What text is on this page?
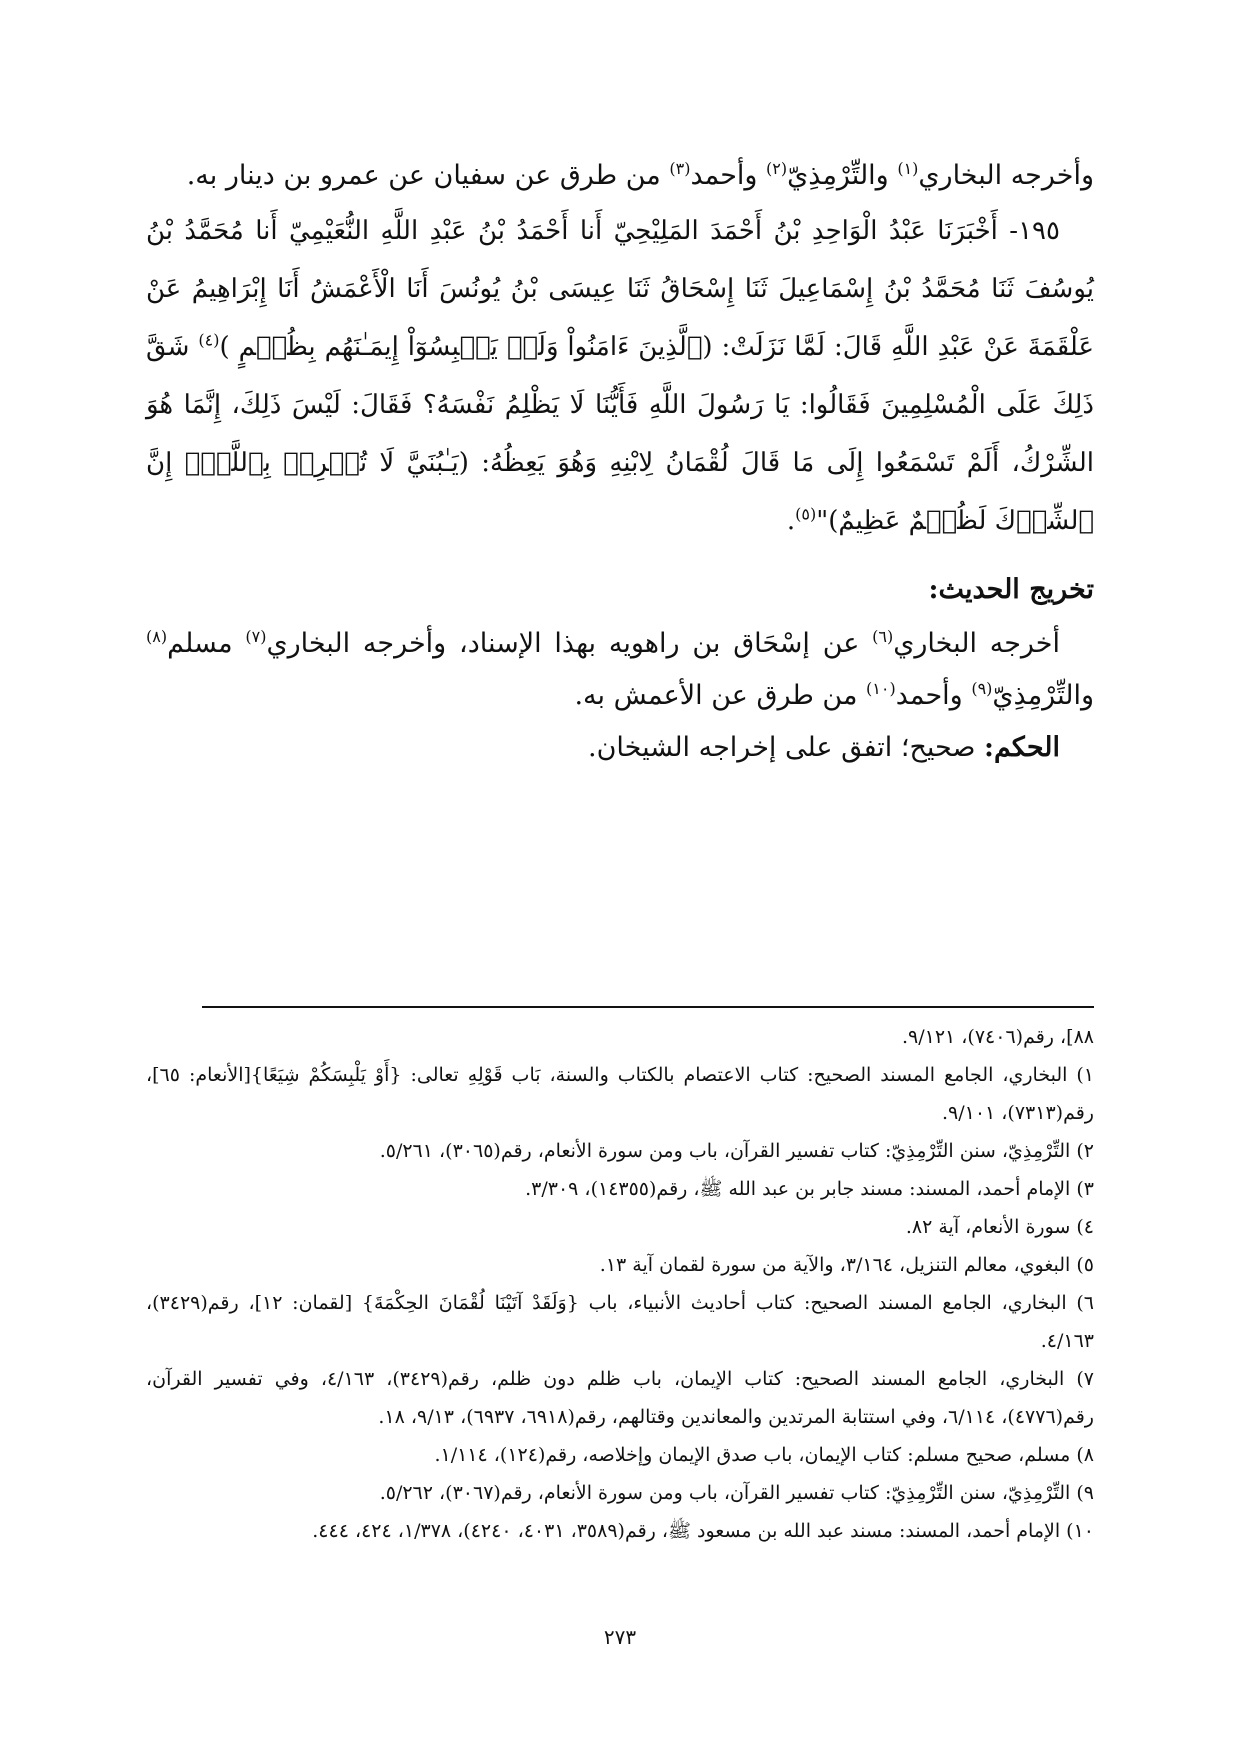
وأخرجه البخاري$^{(١)}$ والتِّرْمِذِيّ$^{(٢)}$ وأحمد$^{(٣)}$ من طرق عن سفيان عن عمرو بن دينار به.

١٩٥- أَخْبَرَنَا عَبْدُ الْوَاحِدِ بْنُ أَحْمَدَ المَلِيْحِيّ أَنا أَحْمَدُ بْنُ عَبْدِ اللَّهِ النُّعَيْمِيّ أَنا مُحَمَّدُ بْنُ يُوسُفَ ثَنَا مُحَمَّدُ بْنُ إِسْمَاعِيلَ ثَنَا إِسْحَاقُ ثَنَا عِيسَى بْنُ يُونُسَ أَنَا الْأَعْمَشُ أَنَا إِبْرَاهِيمُ عَنْ عَلْقَمَةَ عَنْ عَبْدِ اللَّهِ قَالَ: لَمَّا نَزَلَتْ: (ٱلَّذِينَ ءَامَنُواْ وَلَمۡ يَلۡبِسُوٓاْ إِيمَـٰنَهُم بِظُلۡمٍ )$^{(٤)}$ شَقَّ ذَلِكَ عَلَى الْمُسْلِمِينَ فَقَالُوا: يَا رَسُولَ اللَّهِ فَأَيُّنَا لَا يَظْلِمُ نَفْسَهُ؟ فَقَالَ: لَيْسَ ذَلِكَ، إِنَّمَا هُوَ الشِّرْكُ، أَلَمْ تَسْمَعُوا إِلَى مَا قَالَ لُقْمَانُ لِابْنِهِ وَهُوَ يَعِظُهُ: (يَـٰبُنَيَّ لَا تُشۡرِكۡ بِٱللَّهِۖ إِنَّ ٱلشِّرۡكَ لَظُلۡمٌ عَظِيمٌ)"$^{(٥)}$.

تخريج الحديث:

أخرجه البخاري$^{(٦)}$ عن إسْحَاق بن راهويه بهذا الإسناد، وأخرجه البخاري$^{(٧)}$ مسلم$^{(٨)}$ والتِّرْمِذِيّ$^{(٩)}$ وأحمد$^{(١٠)}$ من طرق عن الأعمش به.

الحكم: صحيح؛ اتفق على إخراجه الشيخان.

٨٨]، رقم(٧٤٠٦)، ٩/١٢١.

١) البخاري، الجامع المسند الصحيح: كتاب الاعتصام بالكتاب والسنة، بَاب قَوْلِهِ تعالى: {أَوْ يَلْبِسَكُمْ شِيَعًا}[الأنعام: ٦٥]، رقم(٧٣١٣)، ٩/١٠١.

٢) التِّرْمِذِيّ، سنن التِّرْمِذِيّ: كتاب تفسير القرآن، باب ومن سورة الأنعام، رقم(٣٠٦٥)، ٥/٢٦١.

٣) الإمام أحمد، المسند: مسند جابر بن عبد الله ﷺ، رقم(١٤٣٥٥)، ٣/٣٠٩.

٤) سورة الأنعام، آية ٨٢.

٥) البغوي، معالم التنزيل، ٣/١٦٤، والآية من سورة لقمان آية ١٣.

٦) البخاري، الجامع المسند الصحيح: كتاب أحاديث الأنبياء، باب {وَلَقَدْ آتَيْنَا لُقْمَانَ الحِكْمَةَ} [لقمان: ١٢]، رقم(٣٤٢٩)، ٤/١٦٣.

٧) البخاري، الجامع المسند الصحيح: كتاب الإيمان، باب ظلم دون ظلم، رقم(٣٤٢٩)، ٤/١٦٣، وفي تفسير القرآن، رقم(٤٧٧٦)، ٦/١١٤، وفي استتابة المرتدين والمعاندين وقتالهم، رقم(٦٩١٨، ٦٩٣٧)، ٩/١٣، ١٨.

٨) مسلم، صحيح مسلم: كتاب الإيمان، باب صدق الإيمان وإخلاصه، رقم(١٢٤)، ١/١١٤.

٩) التِّرْمِذِيّ، سنن التِّرْمِذِيّ: كتاب تفسير القرآن، باب ومن سورة الأنعام، رقم(٣٠٦٧)، ٥/٢٦٢.

١٠) الإمام أحمد، المسند: مسند عبد الله بن مسعود ﷺ، رقم(٣٥٨٩، ٤٠٣١، ٤٢٤٠)، ١/٣٧٨، ٤٢٤، ٤٤٤.

٢٧٣
